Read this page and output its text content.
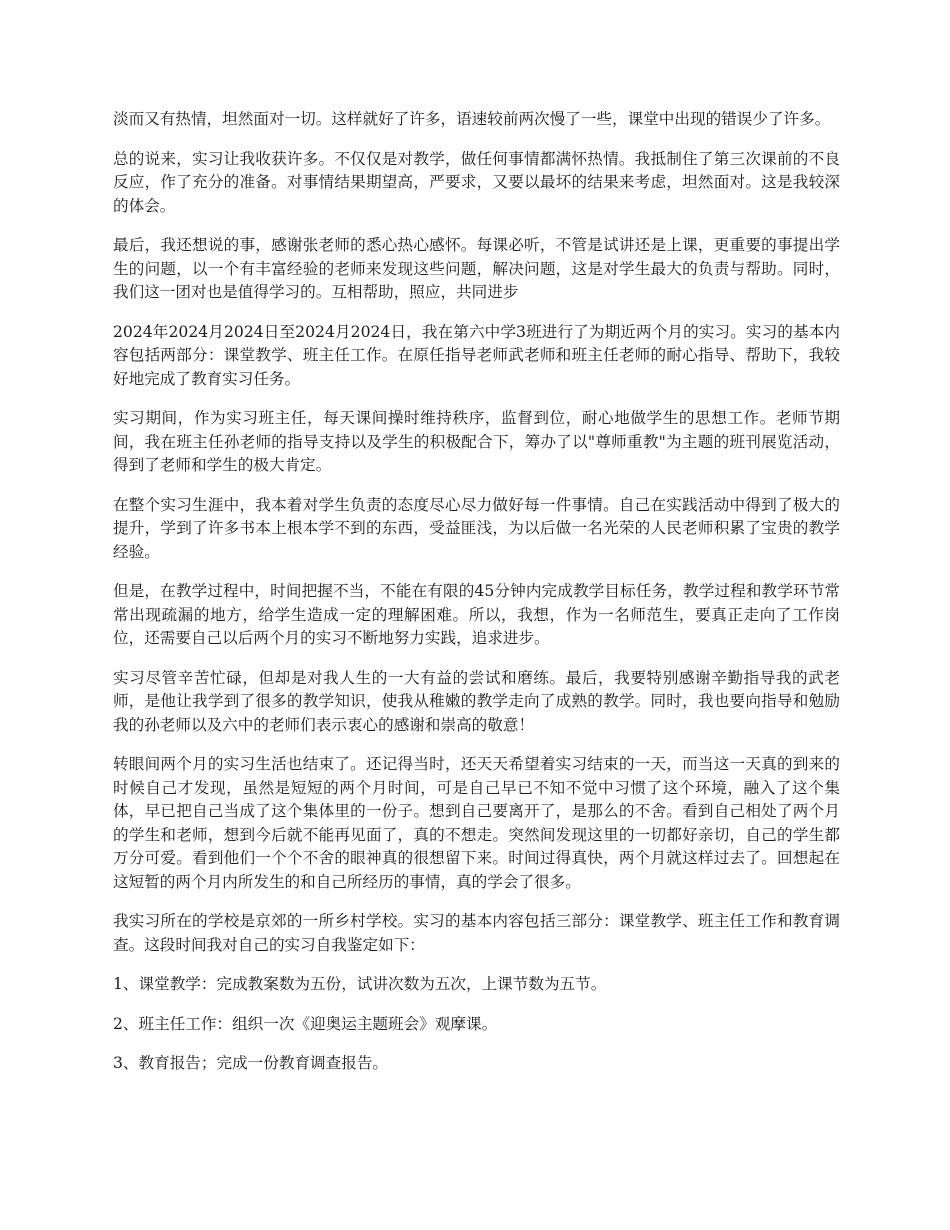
淡而又有热情，坦然面对一切。这样就好了许多，语速较前两次慢了一些，课堂中出现的错误少了许多。

总的说来，实习让我收获许多。不仅仅是对教学，做任何事情都满怀热情。我抵制住了第三次课前的不良反应，作了充分的准备。对事情结果期望高，严要求，又要以最坏的结果来考虑，坦然面对。这是我较深的体会。

最后，我还想说的事，感谢张老师的悉心热心感怀。每课必听，不管是试讲还是上课，更重要的事提出学生的问题，以一个有丰富经验的老师来发现这些问题，解决问题，这是对学生最大的负责与帮助。同时，我们这一团对也是值得学习的。互相帮助，照应，共同进步

2024年2024月2024日至2024月2024日，我在第六中学3班进行了为期近两个月的实习。实习的基本内容包括两部分：课堂教学、班主任工作。在原任指导老师武老师和班主任老师的耐心指导、帮助下，我较好地完成了教育实习任务。

实习期间，作为实习班主任，每天课间操时维持秩序，监督到位，耐心地做学生的思想工作。老师节期间，我在班主任孙老师的指导支持以及学生的积极配合下，筹办了以"尊师重教"为主题的班刊展览活动，得到了老师和学生的极大肯定。

在整个实习生涯中，我本着对学生负责的态度尽心尽力做好每一件事情。自己在实践活动中得到了极大的提升，学到了许多书本上根本学不到的东西，受益匪浅，为以后做一名光荣的人民老师积累了宝贵的教学经验。

但是，在教学过程中，时间把握不当，不能在有限的45分钟内完成教学目标任务，教学过程和教学环节常常出现疏漏的地方，给学生造成一定的理解困难。所以，我想，作为一名师范生，要真正走向了工作岗位，还需要自己以后两个月的实习不断地努力实践，追求进步。

实习尽管辛苦忙碌，但却是对我人生的一大有益的尝试和磨练。最后，我要特别感谢辛勤指导我的武老师，是他让我学到了很多的教学知识，使我从稚嫩的教学走向了成熟的教学。同时，我也要向指导和勉励我的孙老师以及六中的老师们表示衷心的感谢和崇高的敬意！

转眼间两个月的实习生活也结束了。还记得当时，还天天希望着实习结束的一天，而当这一天真的到来的时候自己才发现，虽然是短短的两个月时间，可是自己早已不知不觉中习惯了这个环境，融入了这个集体，早已把自己当成了这个集体里的一份子。想到自己要离开了，是那么的不舍。看到自己相处了两个月的学生和老师，想到今后就不能再见面了，真的不想走。突然间发现这里的一切都好亲切，自己的学生都万分可爱。看到他们一个个不舍的眼神真的很想留下来。时间过得真快，两个月就这样过去了。回想起在这短暂的两个月内所发生的和自己所经历的事情，真的学会了很多。

我实习所在的学校是京郊的一所乡村学校。实习的基本内容包括三部分：课堂教学、班主任工作和教育调查。这段时间我对自己的实习自我鉴定如下：

1、课堂教学：完成教案数为五份，试讲次数为五次，上课节数为五节。

2、班主任工作：组织一次《迎奥运主题班会》观摩课。

3、教育报告；完成一份教育调查报告。
